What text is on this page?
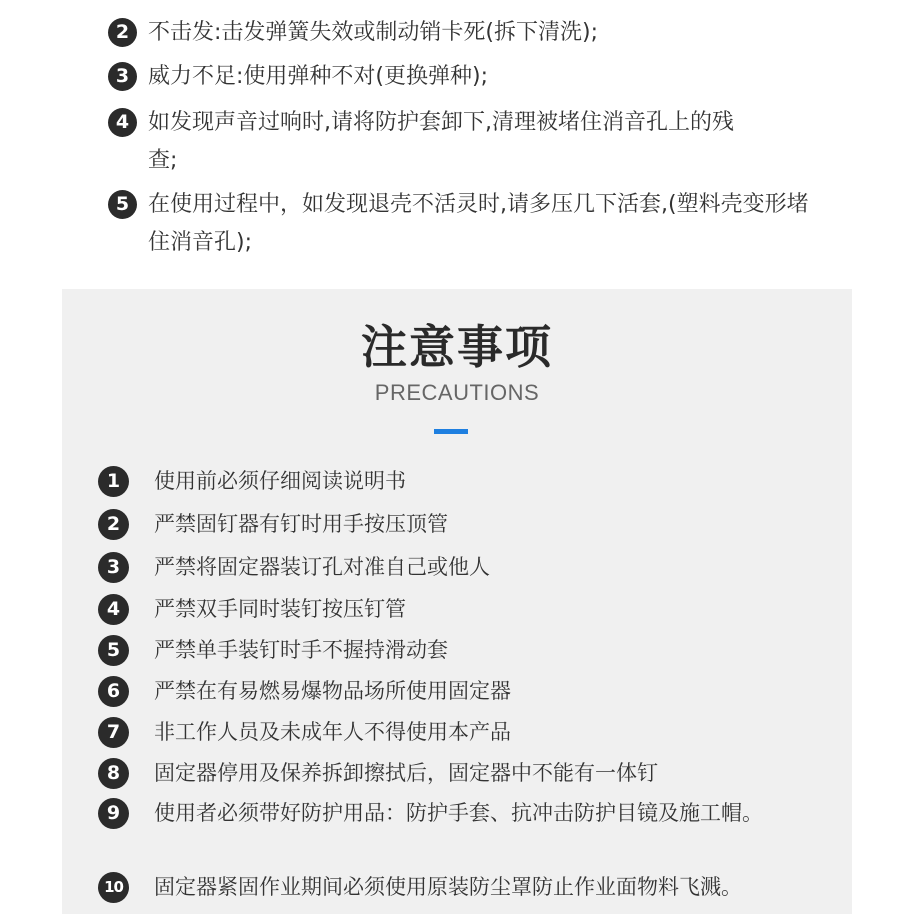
2 不击发:击发弹簧失效或制动销卡死(拆下清洗);
3 威力不足:使用弹种不对(更换弹种);
4 如发现声音过响时,请将防护套卸下,清理被堵住消音孔上的残查;
5 在使用过程中，如发现退壳不活灵时,请多压几下活套,(塑料壳变形堵住消音孔);
注意事项
PRECAUTIONS
1	使用前必须仔细阅读说明书
2	严禁固钉器有钉时用手按压顶管
3	严禁将固定器装订孔对准自己或他人
4	严禁双手同时装钉按压钉管
5	严禁单手装钉时手不握持滑动套
6	严禁在有易燃易爆物品场所使用固定器
7	非工作人员及未成年人不得使用本产品
8	固定器停用及保养拆卸擦拭后，固定器中不能有一体钉
9	使用者必须带好防护用品：防护手套、抗冲击防护目镜及施工帽。
10 固定器紧固作业期间必须使用原装防尘罩防止作业面物料飞溅。
